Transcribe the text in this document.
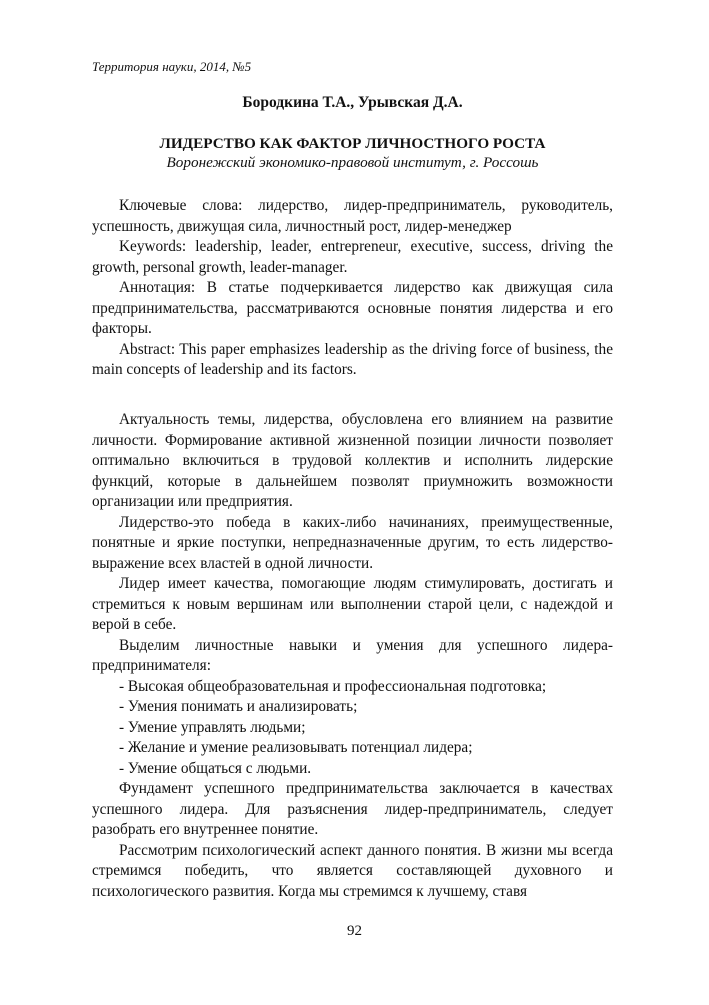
Территория науки, 2014, №5
Бородкина Т.А., Урывская Д.А.
ЛИДЕРСТВО КАК ФАКТОР ЛИЧНОСТНОГО РОСТА
Воронежский экономико-правовой институт, г. Россошь

Ключевые слова: лидерство, лидер-предприниматель, руководитель, успешность, движущая сила, личностный рост, лидер-менеджер

Keywords: leadership, leader, entrepreneur, executive, success, driving the growth, personal growth, leader-manager.

Аннотация: В статье подчеркивается лидерство как движущая сила предпринимательства, рассматриваются основные понятия лидерства и его факторы.

Abstract: This paper emphasizes leadership as the driving force of business, the main concepts of leadership and its factors.

Актуальность темы, лидерства, обусловлена его влиянием на развитие личности. Формирование активной жизненной позиции личности позволяет оптимально включиться в трудовой коллектив и исполнить лидерские функций, которые в дальнейшем позволят приумножить возможности организации или предприятия.

Лидерство-это победа в каких-либо начинаниях, преимущественные, понятные и яркие поступки, непредназначенные другим, то есть лидерство-выражение всех властей в одной личности.

Лидер имеет качества, помогающие людям стимулировать, достигать и стремиться к новым вершинам или выполнении старой цели, с надеждой и верой в себе.

Выделим личностные навыки и умения для успешного лидера-предпринимателя:

- Высокая общеобразовательная и профессиональная подготовка;

- Умения понимать и анализировать;

- Умение управлять людьми;

- Желание и умение реализовывать потенциал лидера;

- Умение общаться с людьми.

Фундамент успешного предпринимательства заключается в качествах успешного лидера. Для разъяснения лидер-предприниматель, следует разобрать его внутреннее понятие.

Рассмотрим психологический аспект данного понятия. В жизни мы всегда стремимся победить, что является составляющей духовного и психологического развития. Когда мы стремимся к лучшему, ставя

92
